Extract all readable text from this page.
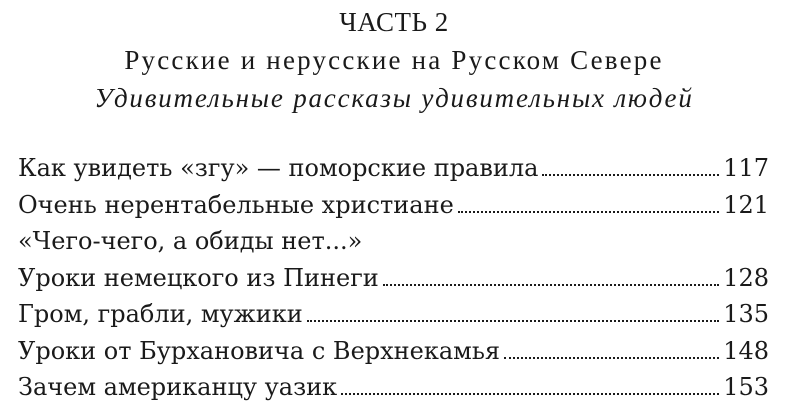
ЧАСТЬ 2
Русские и нерусские на Русском Севере
Удивительные рассказы удивительных людей
Как увидеть «згу» — поморские правила	117
Очень нерентабельные христиане	121
«Чего-чего, а обиды нет...»
Уроки немецкого из Пинеги	128
Гром, грабли, мужики	135
Уроки от Бурхановича с Верхнекамья	148
Зачем американцу уазик	153
